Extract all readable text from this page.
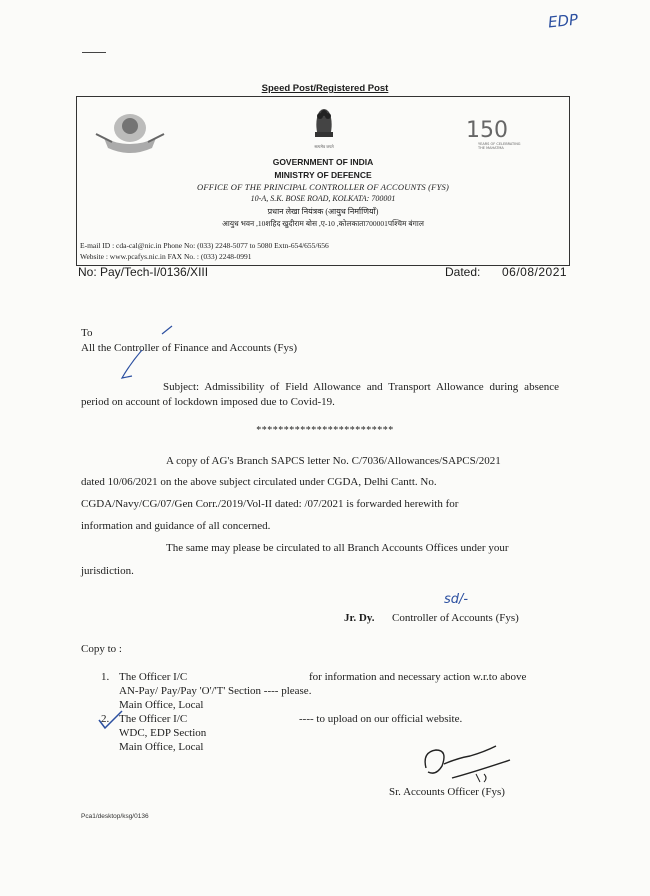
EDP
Speed Post/Registered Post
सत्यमेव जयते
150
YEARS OF CELEBRATING THE MAHATMA
GOVERNMENT OF INDIA
MINISTRY OF DEFENCE
OFFICE OF THE PRINCIPAL CONTROLLER OF ACCOUNTS (FYS)
10-A, S.K. BOSE ROAD, KOLKATA: 700001
प्रधान लेखा नियंत्रक (आयुध निर्माणियाँ)
आयुध भवन ,10शहिद खुदीराम बोस ,ए-10 ,कोलकाता700001पश्चिम बंगाल
E-mail ID : cda-cal@nic.in Phone No: (033) 2248-5077 to 5080 Extn-654/655/656
Website : www.pcafys.nic.in FAX No. : (033) 2248-0991
No: Pay/Tech-I/0136/XIII	Dated: 06/08/2021
To
All the Controller of Finance and Accounts (Fys)
Subject: Admissibility of Field Allowance and Transport Allowance during absence period on account of lockdown imposed due to Covid-19.
*************************
A copy of AG's Branch SAPCS letter No. C/7036/Allowances/SAPCS/2021
dated 10/06/2021 on the above subject circulated under CGDA, Delhi Cantt. No.
CGDA/Navy/CG/07/Gen Corr./2019/Vol-II dated: /07/2021 is forwarded herewith for
information and guidance of all concerned.
The same may please be circulated to all Branch Accounts Offices under your
jurisdiction.
sd/-
Jr. Dy. Controller of Accounts (Fys)
Copy to :
1. The Officer I/C	for information and necessary action w.r.to above
AN-Pay/ Pay/Pay 'O'/'T' Section ---- please.
Main Office, Local
2. The Officer I/C	---- to upload on our official website.
WDC, EDP Section
Main Office, Local
Sr. Accounts Officer (Fys)
Pca1/desktop/ksg/0136
